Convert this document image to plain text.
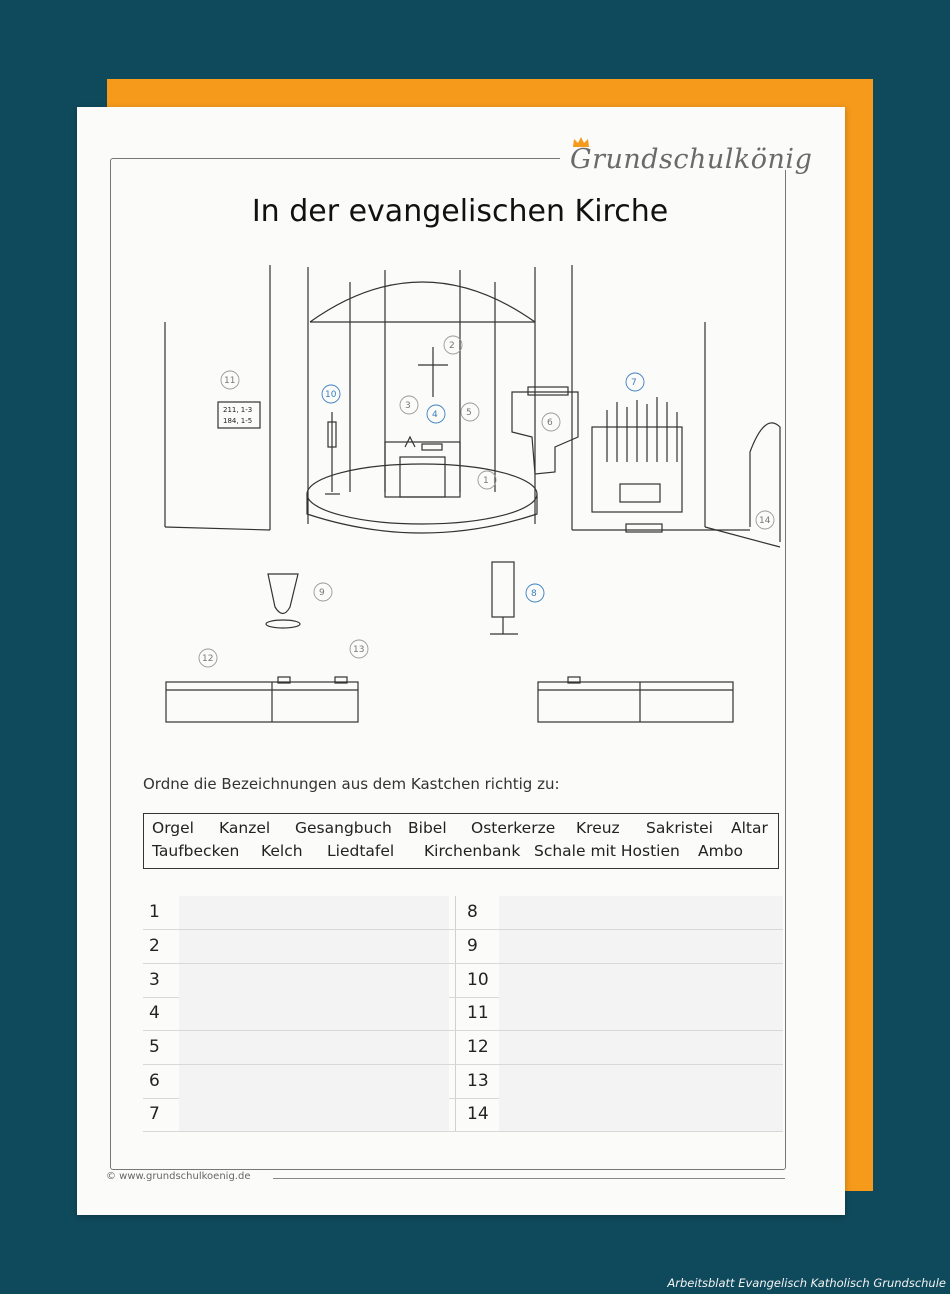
Grundschulkönig
In der evangelischen Kirche
211, 1-3
184, 1-5
1
2
3
4	5
6
7
8
9
10
11
12
13
14
Ordne die Bezeichnungen aus dem Kastchen richtig zu:
Orgel Kanzel Gesangbuch Bibel Osterkerze Kreuz Sakristei Altar
Taufbecken Kelch Liedtafel Kirchenbank Schale mit Hostien Ambo
1	8
2	9
3	10
4	11
5	12
6	13
7	14
© www.grundschulkoenig.de
Arbeitsblatt Evangelisch Katholisch Grundschule
